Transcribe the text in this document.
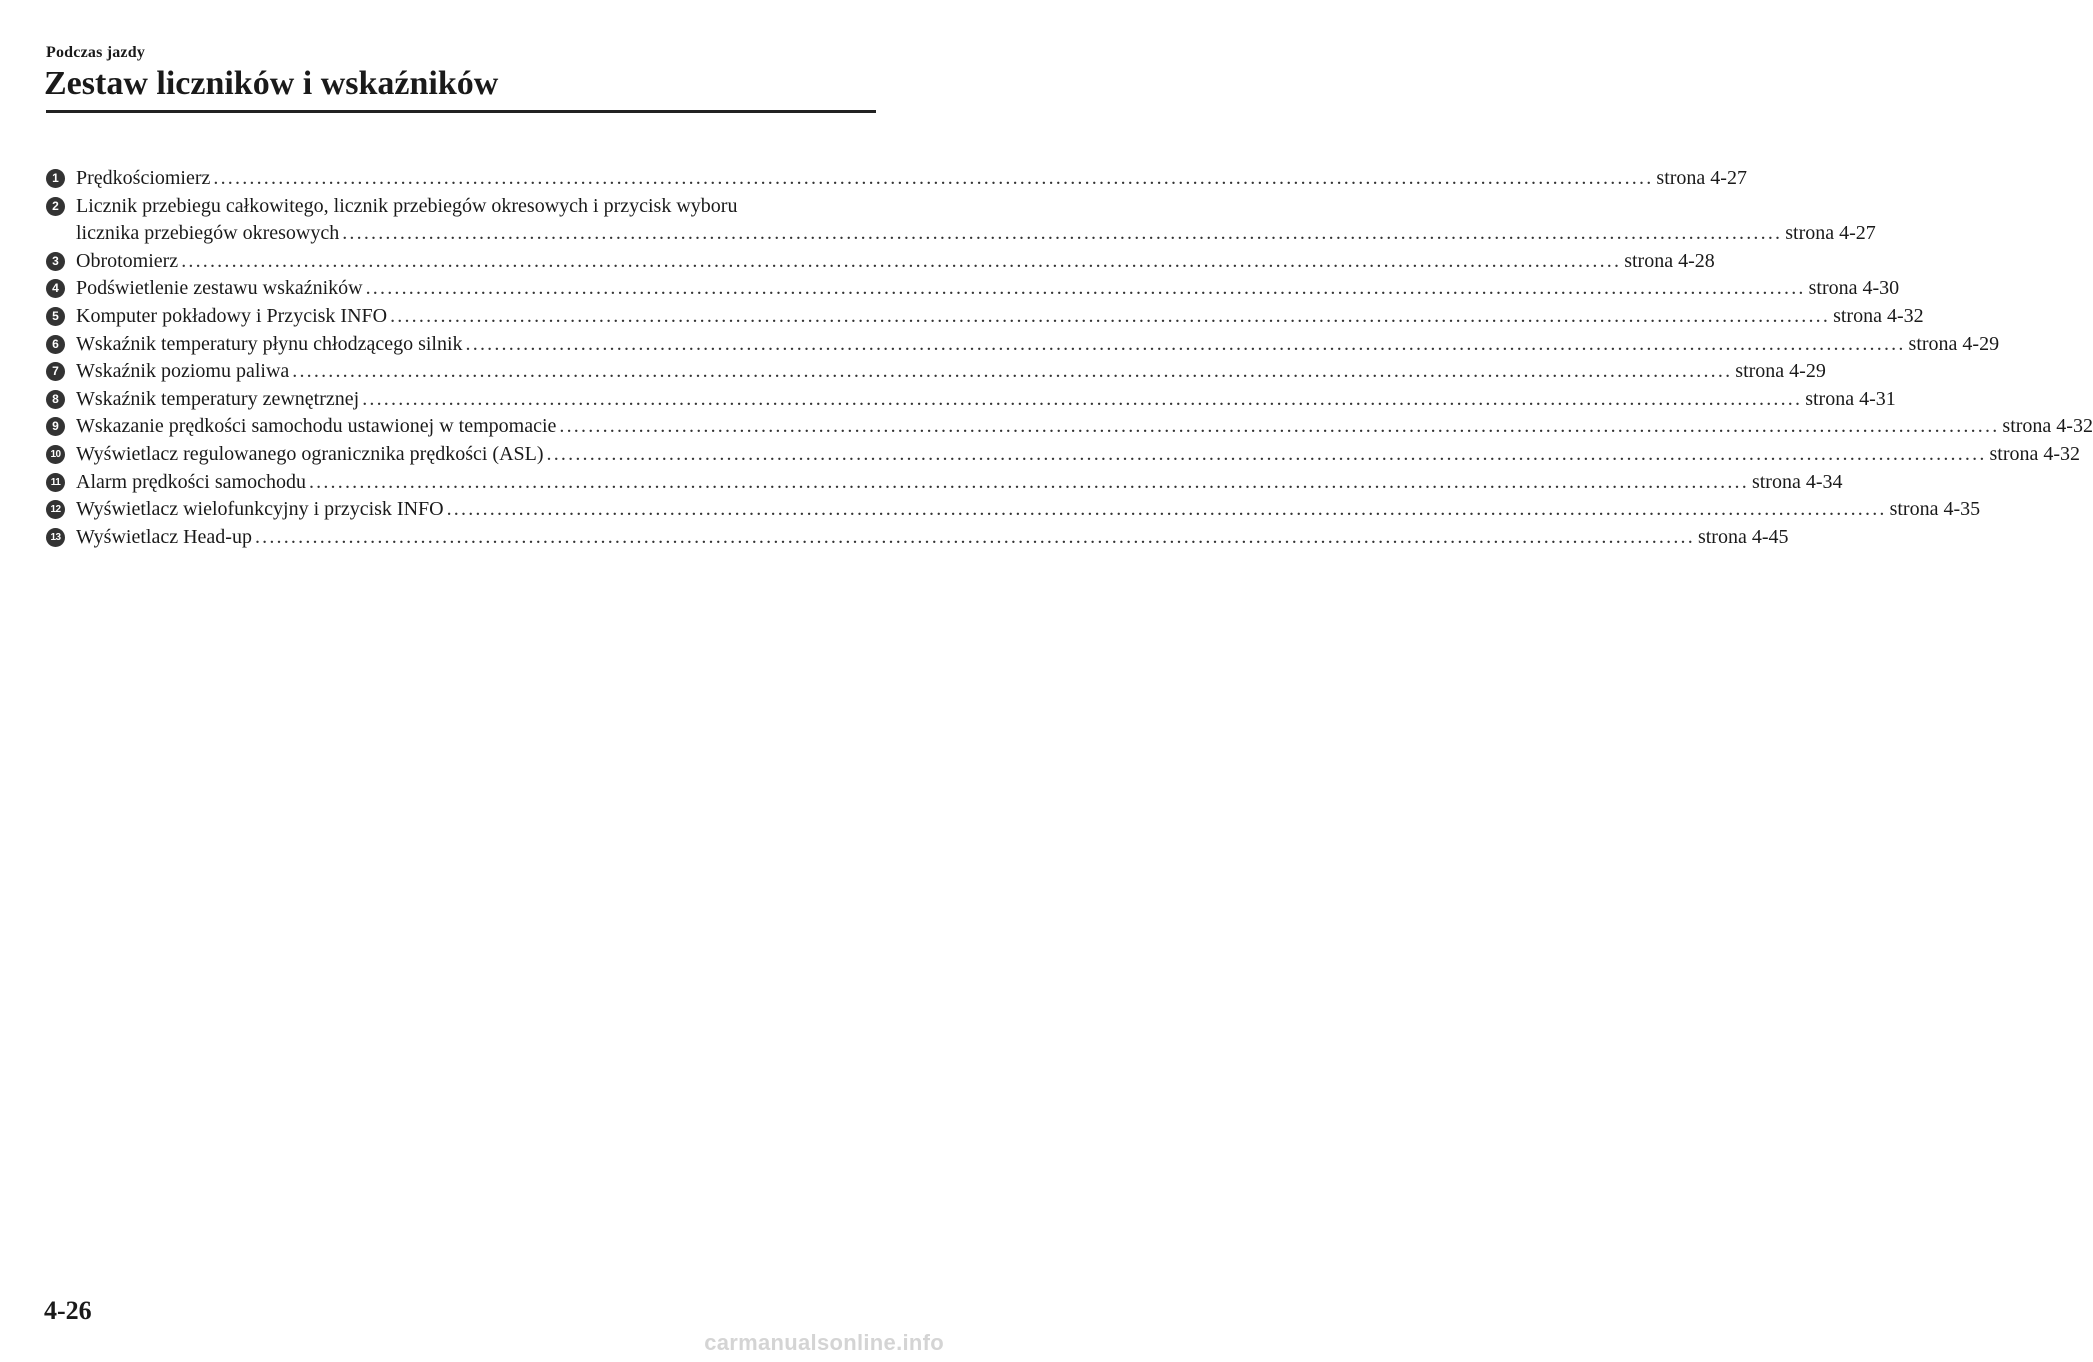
Podczas jazdy
Zestaw liczników i wskaźników
1 Prędkościomierz ........................................................................................................................................................................................................ strona 4-27
2 Licznik przebiegu całkowitego, licznik przebiegów okresowych i przycisk wyboru
licznika przebiegów okresowych ........................................................................................................................................................................................................ strona 4-27
3 Obrotomierz ........................................................................................................................................................................................................ strona 4-28
4 Podświetlenie zestawu wskaźników ........................................................................................................................................................................................................ strona 4-30
5 Komputer pokładowy i Przycisk INFO ........................................................................................................................................................................................................ strona 4-32
6 Wskaźnik temperatury płynu chłodzącego silnik ........................................................................................................................................................................................................ strona 4-29
7 Wskaźnik poziomu paliwa ........................................................................................................................................................................................................ strona 4-29
8 Wskaźnik temperatury zewnętrznej ........................................................................................................................................................................................................ strona 4-31
9 Wskazanie prędkości samochodu ustawionej w tempomacie ........................................................................................................................................................................................................ strona 4-32
10 Wyświetlacz regulowanego ogranicznika prędkości (ASL) ........................................................................................................................................................................................................ strona 4-32
11 Alarm prędkości samochodu ........................................................................................................................................................................................................ strona 4-34
12 Wyświetlacz wielofunkcyjny i przycisk INFO ........................................................................................................................................................................................................ strona 4-35
13 Wyświetlacz Head-up ........................................................................................................................................................................................................ strona 4-45
4-26
carmanualsonline.info
